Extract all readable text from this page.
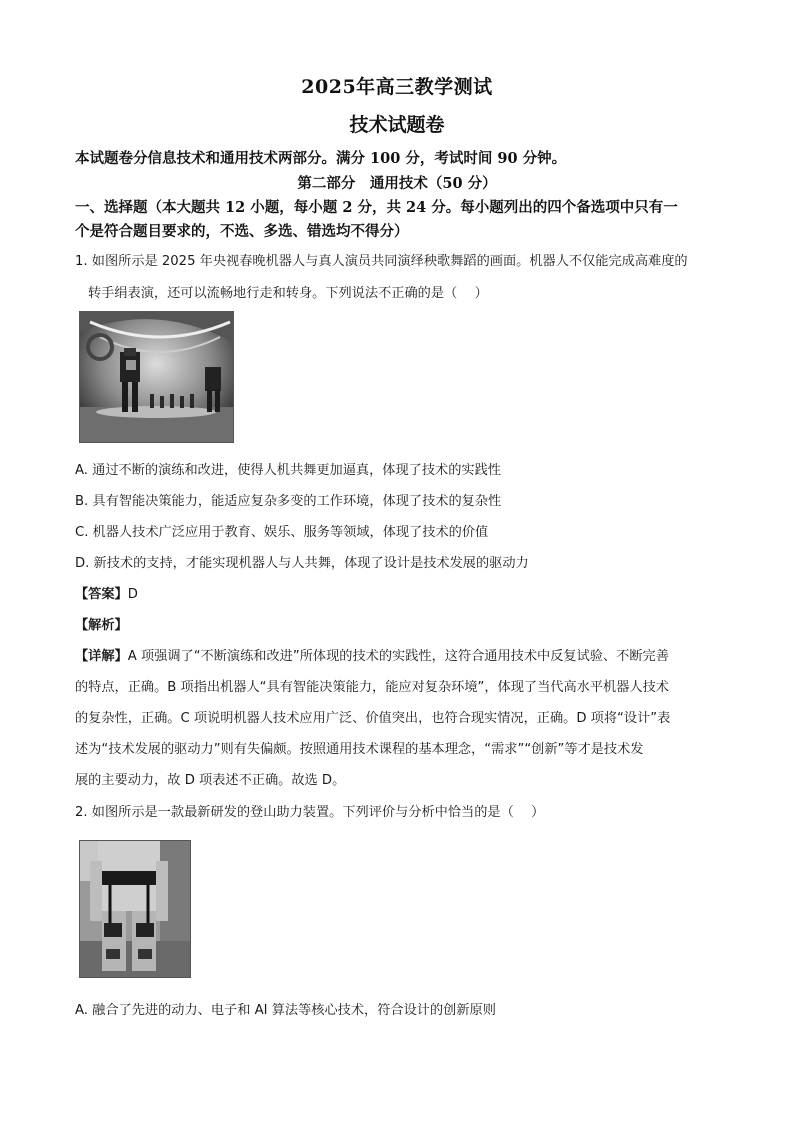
2025年高三教学测试
技术试题卷
本试题卷分信息技术和通用技术两部分。满分 100 分，考试时间 90 分钟。
第二部分　通用技术（50 分）
一、选择题（本大题共 12 小题，每小题 2 分，共 24 分。每小题列出的四个备选项中只有一
个是符合题目要求的，不选、多选、错选均不得分）
1. 如图所示是 2025 年央视春晚机器人与真人演员共同演绎秧歌舞蹈的画面。机器人不仅能完成高难度的
转手绢表演，还可以流畅地行走和转身。下列说法不正确的是（　 ）
A. 通过不断的演练和改进，使得人机共舞更加逼真，体现了技术的实践性
B. 具有智能决策能力，能适应复杂多变的工作环境，体现了技术的复杂性
C. 机器人技术广泛应用于教育、娱乐、服务等领域，体现了技术的价值
D. 新技术的支持，才能实现机器人与人共舞，体现了设计是技术发展的驱动力
【答案】D
【解析】
【详解】A 项强调了“不断演练和改进”所体现的技术的实践性，这符合通用技术中反复试验、不断完善
的特点，正确。B 项指出机器人“具有智能决策能力，能应对复杂环境”，体现了当代高水平机器人技术
的复杂性，正确。C 项说明机器人技术应用广泛、价值突出，也符合现实情况，正确。D 项将“设计”表
述为“技术发展的驱动力”则有失偏颇。按照通用技术课程的基本理念，“需求”“创新”等才是技术发
展的主要动力，故 D 项表述不正确。故选 D。
2. 如图所示是一款最新研发的登山助力装置。下列评价与分析中恰当的是（　 ）
A. 融合了先进的动力、电子和 AI 算法等核心技术，符合设计的创新原则
